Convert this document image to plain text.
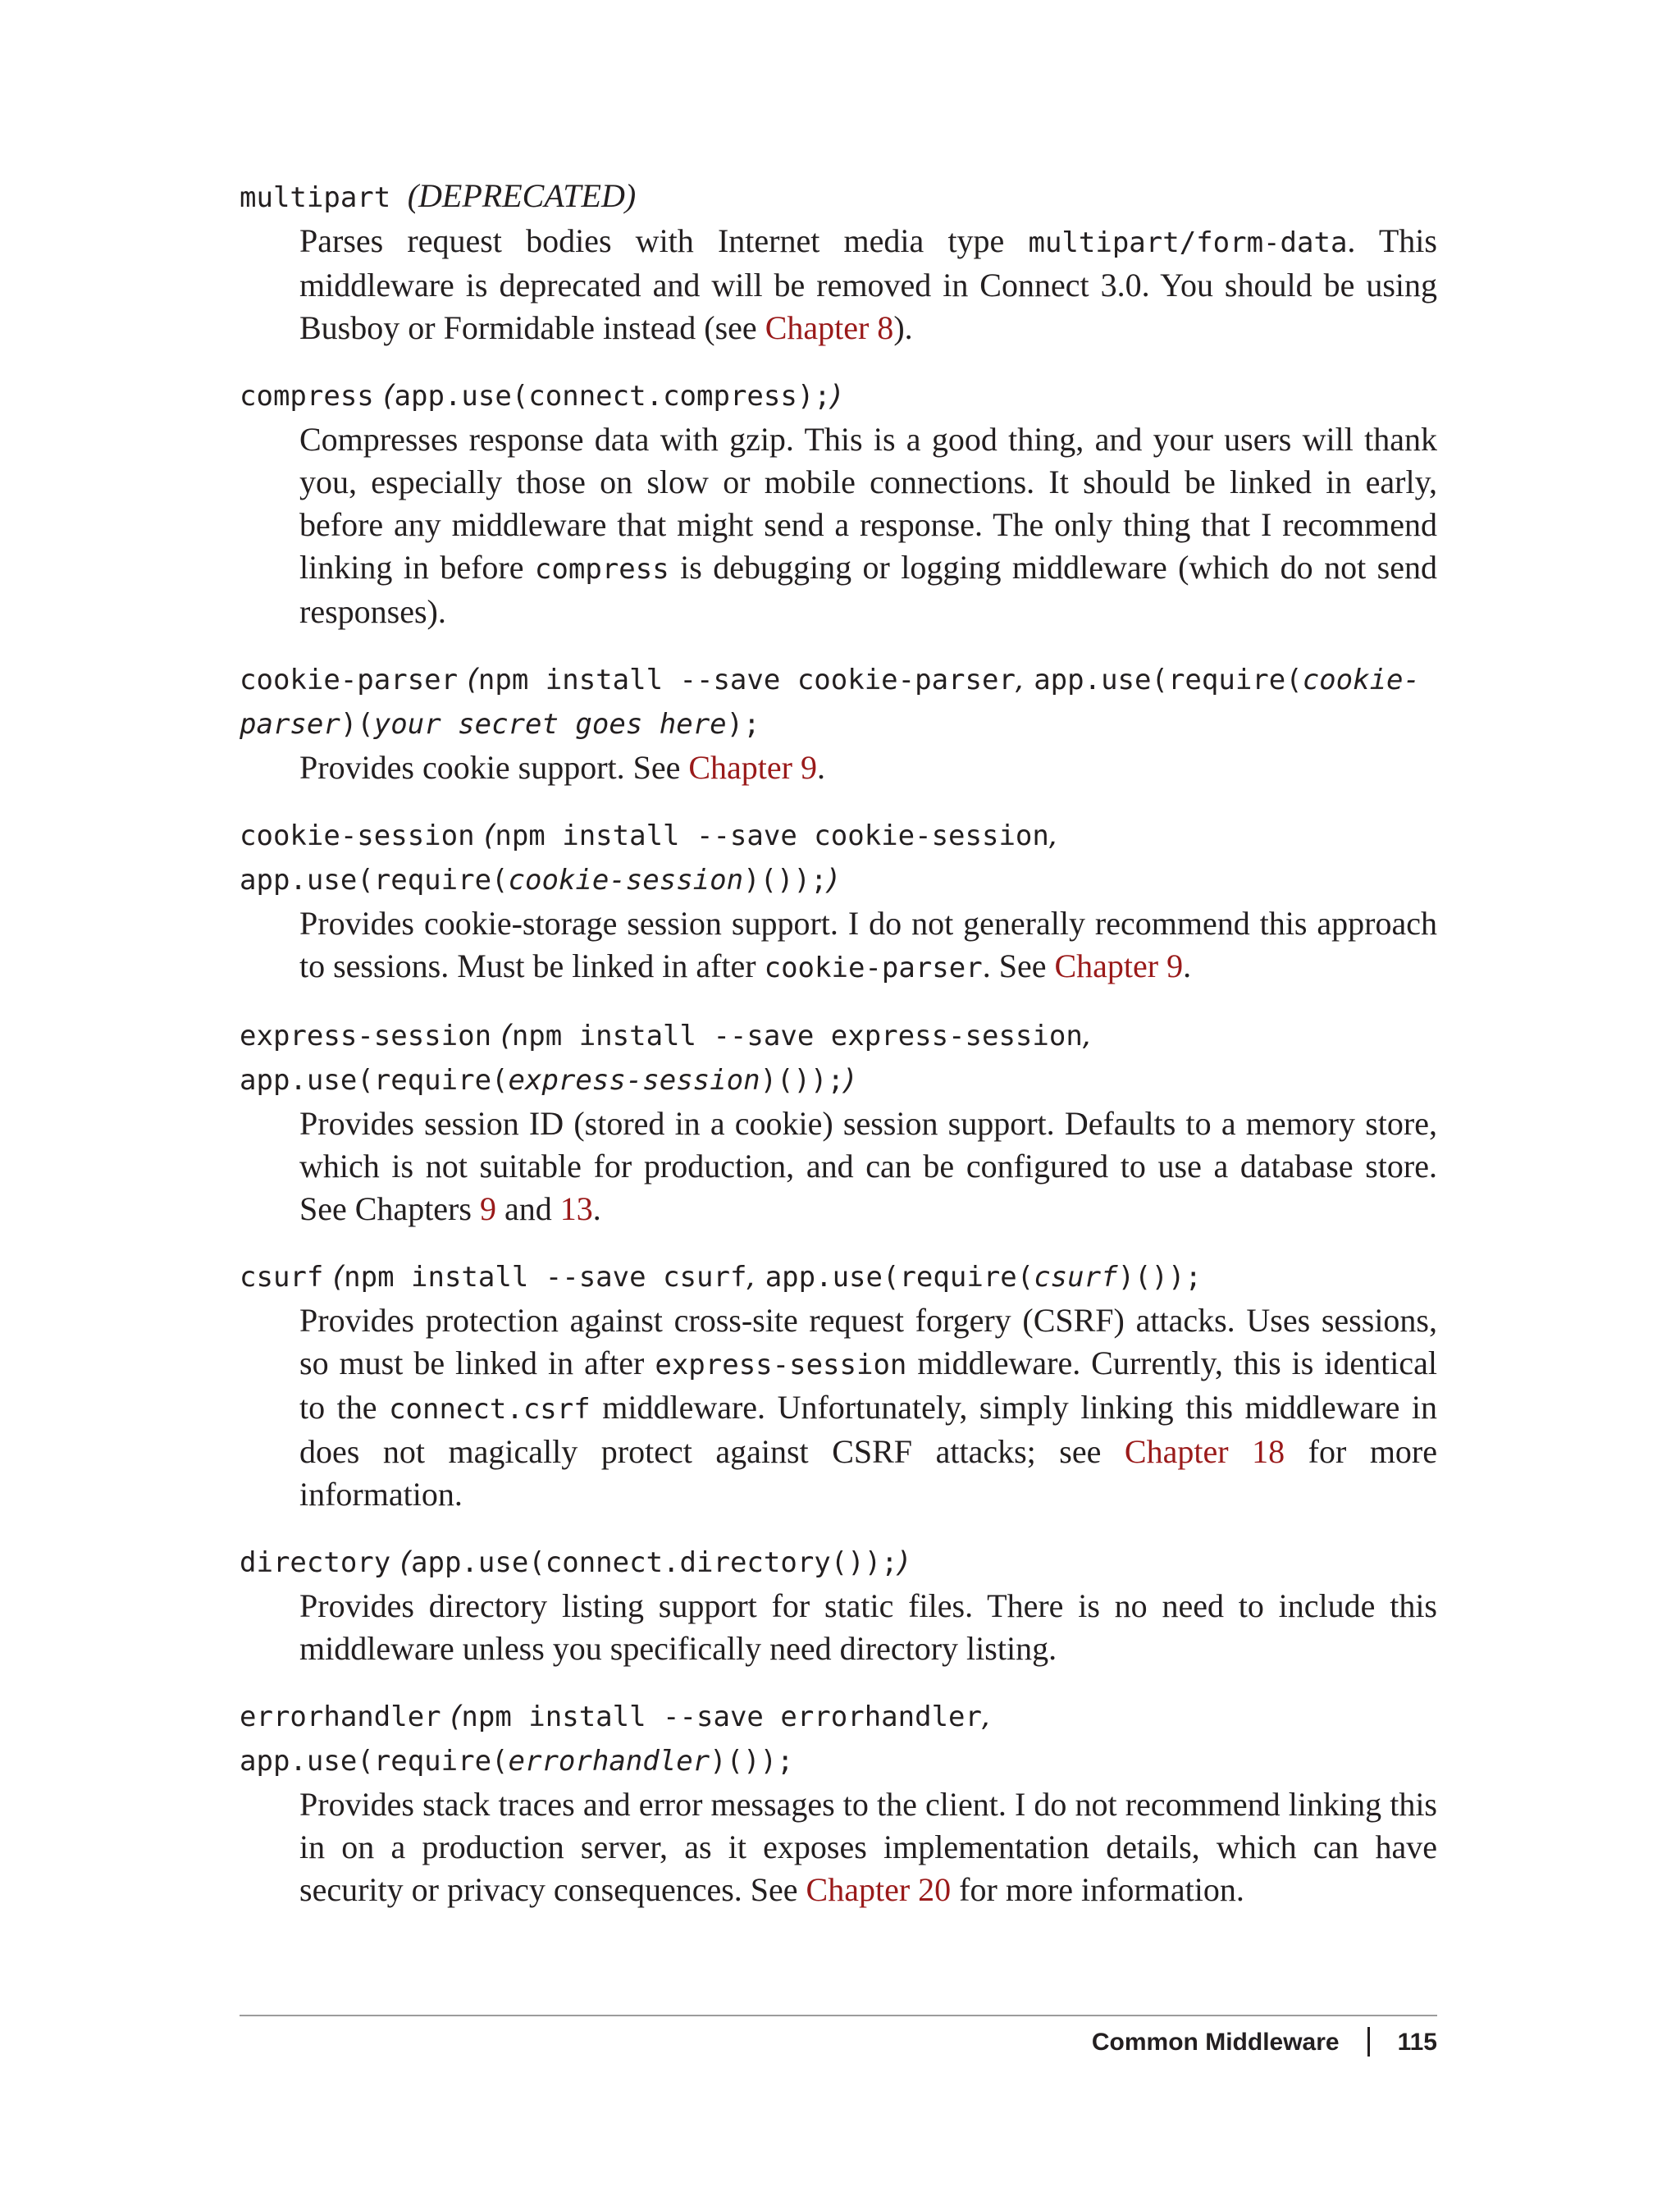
multipart (DEPRECATED)
Parses request bodies with Internet media type multipart/form-data. This middleware is deprecated and will be removed in Connect 3.0. You should be using Busboy or Formidable instead (see Chapter 8).
compress (app.use(connect.compress);)
Compresses response data with gzip. This is a good thing, and your users will thank you, especially those on slow or mobile connections. It should be linked in early, before any middleware that might send a response. The only thing that I recommend linking in before compress is debugging or logging middleware (which do not send responses).
cookie-parser (npm install --save cookie-parser, app.use(require(cookie-parser)(your secret goes here);
Provides cookie support. See Chapter 9.
cookie-session (npm install --save cookie-session,
app.use(require(cookie-session)());)
Provides cookie-storage session support. I do not generally recommend this approach to sessions. Must be linked in after cookie-parser. See Chapter 9.
express-session (npm install --save express-session,
app.use(require(express-session)());)
Provides session ID (stored in a cookie) session support. Defaults to a memory store, which is not suitable for production, and can be configured to use a database store. See Chapters 9 and 13.
csurf (npm install --save csurf, app.use(require(csurf)());
Provides protection against cross-site request forgery (CSRF) attacks. Uses sessions, so must be linked in after express-session middleware. Currently, this is identical to the connect.csrf middleware. Unfortunately, simply linking this middleware in does not magically protect against CSRF attacks; see Chapter 18 for more information.
directory (app.use(connect.directory());)
Provides directory listing support for static files. There is no need to include this middleware unless you specifically need directory listing.
errorhandler (npm install --save errorhandler, app.use(require(errorhandler)());
Provides stack traces and error messages to the client. I do not recommend linking this in on a production server, as it exposes implementation details, which can have security or privacy consequences. See Chapter 20 for more information.
Common Middleware 115
